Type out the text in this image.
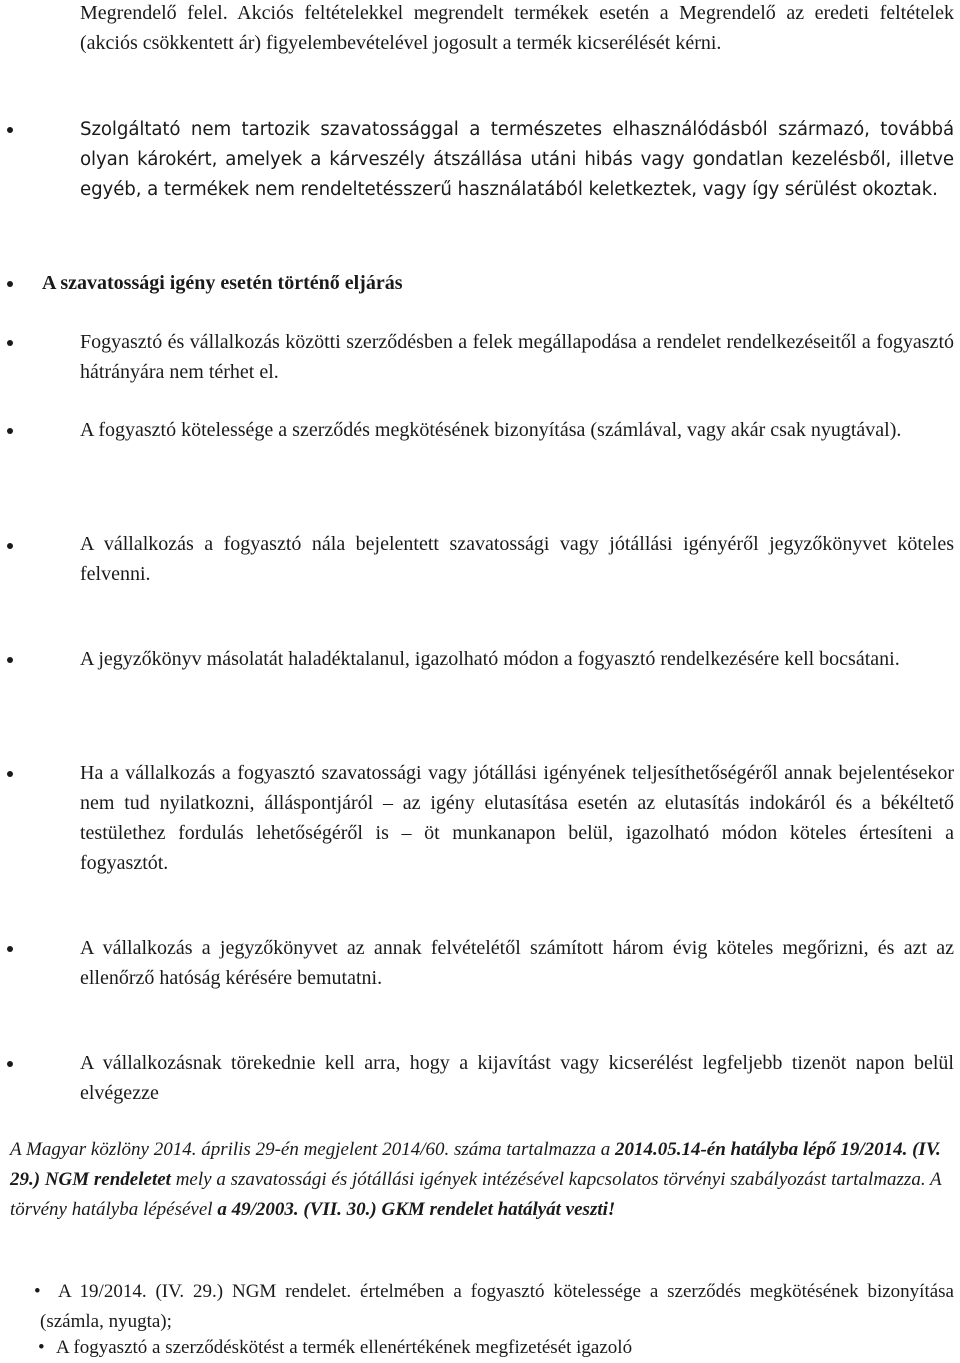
Megrendelő felel. Akciós feltételekkel megrendelt termékek esetén a Megrendelő az eredeti feltételek (akciós csökkentett ár) figyelembevételével jogosult a termék kicserélését kérni.
Szolgáltató nem tartozik szavatossággal a természetes elhasználódásból származó, továbbá olyan károkért, amelyek a kárveszély átszállása utáni hibás vagy gondatlan kezelésből, illetve egyéb, a termékek nem rendeltetésszerű használatából keletkeztek, vagy így sérülést okoztak.
A szavatossági igény esetén történő eljárás
Fogyasztó és vállalkozás közötti szerződésben a felek megállapodása a rendelet rendelkezéseitől a fogyasztó hátrányára nem térhet el.
A fogyasztó kötelessége a szerződés megkötésének bizonyítása (számlával, vagy akár csak nyugtával).
A vállalkozás a fogyasztó nála bejelentett szavatossági vagy jótállási igényéről jegyzőkönyvet köteles felvenni.
A jegyzőkönyv másolatát haladéktalanul, igazolható módon a fogyasztó rendelkezésére kell bocsátani.
Ha a vállalkozás a fogyasztó szavatossági vagy jótállási igényének teljesíthetőségéről annak bejelentésekor nem tud nyilatkozni, álláspontjáról – az igény elutasítása esetén az elutasítás indokáról és a békéltető testülethez fordulás lehetőségéről is – öt munkanapon belül, igazolható módon köteles értesíteni a fogyasztót.
A vállalkozás a jegyzőkönyvet az annak felvételétől számított három évig köteles megőrizni, és azt az ellenőrző hatóság kérésére bemutatni.
A vállalkozásnak törekednie kell arra, hogy a kijavítást vagy kicserélést legfeljebb tizenöt napon belül elvégezze
A Magyar közlöny 2014. április 29-én megjelent 2014/60. száma tartalmazza a 2014.05.14-én hatályba lépő 19/2014. (IV. 29.) NGM rendeletet mely a szavatossági és jótállási igények intézésével kapcsolatos törvényi szabályozást tartalmazza. A törvény hatályba lépésével a 49/2003. (VII. 30.) GKM rendelet hatályát veszti!
• A 19/2014. (IV. 29.) NGM rendelet. értelmében a fogyasztó kötelessége a szerződés megkötésének bizonyítása (számla, nyugta);
• A fogyasztó a szerződéskötést a termék ellenértékének megfizetését igazoló
